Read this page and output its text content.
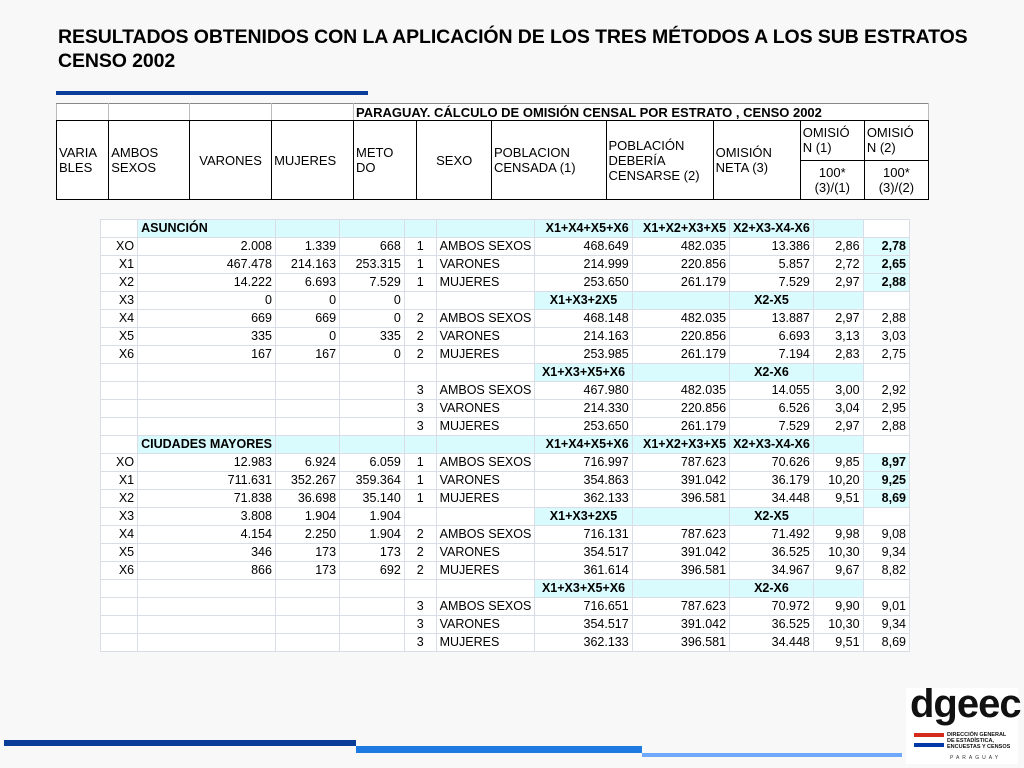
RESULTADOS OBTENIDOS CON LA APLICACIÓN DE LOS TRES MÉTODOS A LOS SUB ESTRATOS CENSO 2002
				PARAGUAY. CÁLCULO DE OMISIÓN CENSAL POR ESTRATO , CENSO 2002						
VARIA BLES	AMBOS SEXOS	VARONES	MUJERES	METO DO	SEXO	POBLACION CENSADA (1)	POBLACIÓN DEBERÍA CENSARSE (2)	OMISIÓN NETA (3)	OMISIÓ N (1)	OMISIÓ N (2)
									100* (3)/(1)	100* (3)/(2)
	ASUNCIÓN					X1+X4+X5+X6	X1+X2+X3+X5	X2+X3-X4-X6		
XO	2.008	1.339	668	1	AMBOS SEXOS	468.649	482.035	13.386	2,86	2,78
X1	467.478	214.163	253.315	1	VARONES	214.999	220.856	5.857	2,72	2,65
X2	14.222	6.693	7.529	1	MUJERES	253.650	261.179	7.529	2,97	2,88
X3	0	0	0			X1+X3+2X5		X2-X5		
X4	669	669	0	2	AMBOS SEXOS	468.148	482.035	13.887	2,97	2,88
X5	335	0	335	2	VARONES	214.163	220.856	6.693	3,13	3,03
X6	167	167	0	2	MUJERES	253.985	261.179	7.194	2,83	2,75
						X1+X3+X5+X6		X2-X6		
				3	AMBOS SEXOS	467.980	482.035	14.055	3,00	2,92
				3	VARONES	214.330	220.856	6.526	3,04	2,95
				3	MUJERES	253.650	261.179	7.529	2,97	2,88
	CIUDADES MAYORES					X1+X4+X5+X6	X1+X2+X3+X5	X2+X3-X4-X6		
XO	12.983	6.924	6.059	1	AMBOS SEXOS	716.997	787.623	70.626	9,85	8,97
X1	711.631	352.267	359.364	1	VARONES	354.863	391.042	36.179	10,20	9,25
X2	71.838	36.698	35.140	1	MUJERES	362.133	396.581	34.448	9,51	8,69
X3	3.808	1.904	1.904			X1+X3+2X5		X2-X5		
X4	4.154	2.250	1.904	2	AMBOS SEXOS	716.131	787.623	71.492	9,98	9,08
X5	346	173	173	2	VARONES	354.517	391.042	36.525	10,30	9,34
X6	866	173	692	2	MUJERES	361.614	396.581	34.967	9,67	8,82
						X1+X3+X5+X6		X2-X6		
				3	AMBOS SEXOS	716.651	787.623	70.972	9,90	9,01
				3	VARONES	354.517	391.042	36.525	10,30	9,34
				3	MUJERES	362.133	396.581	34.448	9,51	8,69
dgeec
DIRECCIÓN GENERAL
DE ESTADÍSTICA,
ENCUESTAS Y CENSOS
PARAGUAY
